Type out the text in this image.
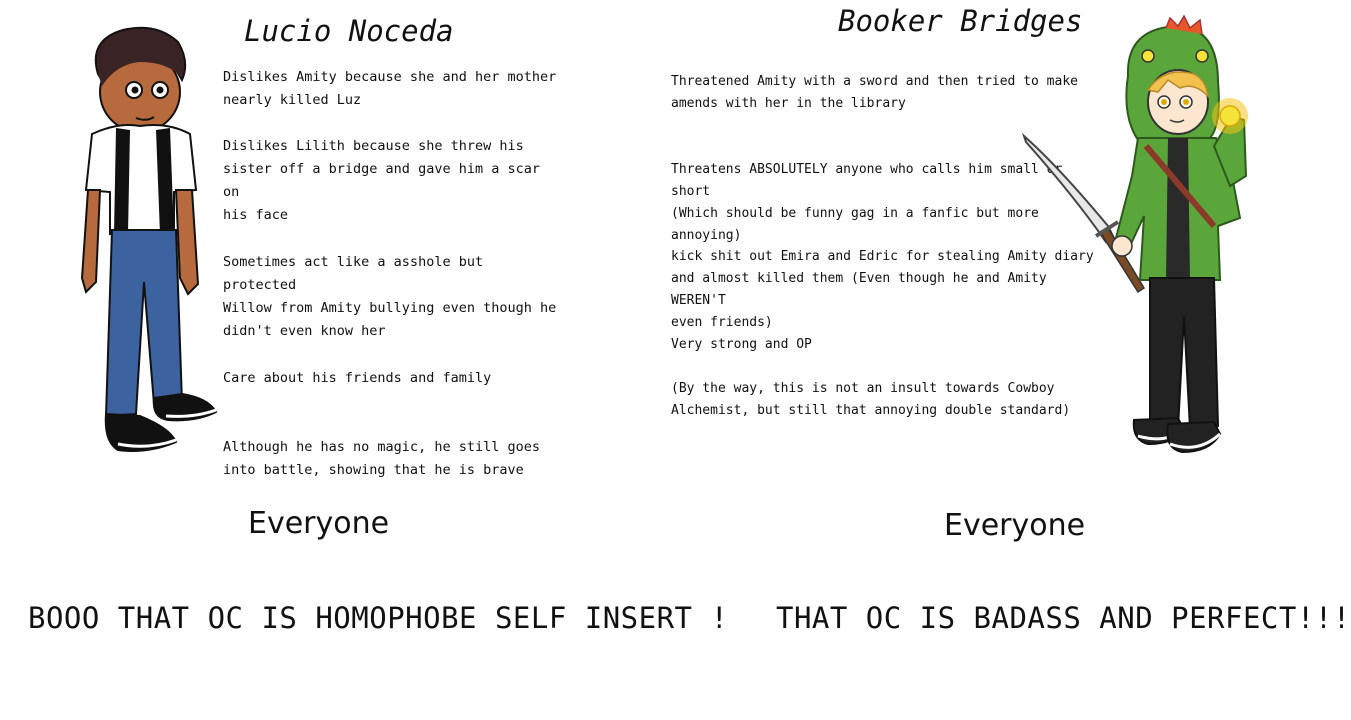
Lucio Noceda
Dislikes Amity because she and her mother
nearly killed Luz
Dislikes Lilith because she threw his
sister off a bridge and gave him a scar on
his face
Sometimes act like a asshole but protected
Willow from Amity bullying even though he
didn't even know her
Care about his friends and family
Although he has no magic, he still goes
into battle, showing that he is brave
Everyone
BOOO THAT OC IS HOMOPHOBE SELF INSERT !
Booker Bridges
Threatened Amity with a sword and then tried to make
amends with her in the library
Threatens ABSOLUTELY anyone who calls him small short
(Which should be funny gag in a fanfic but more annoying)
kick shit out Emira and Edric for stealing Amity diary
and almost killed them (Even though he and Amity WEREN'T
even friends)
Very strong and OP
(By the way, this is not an insult towards Cowboy
Alchemist, but still that annoying double standard)
Everyone
THAT OC IS BADASS AND PERFECT!!!
